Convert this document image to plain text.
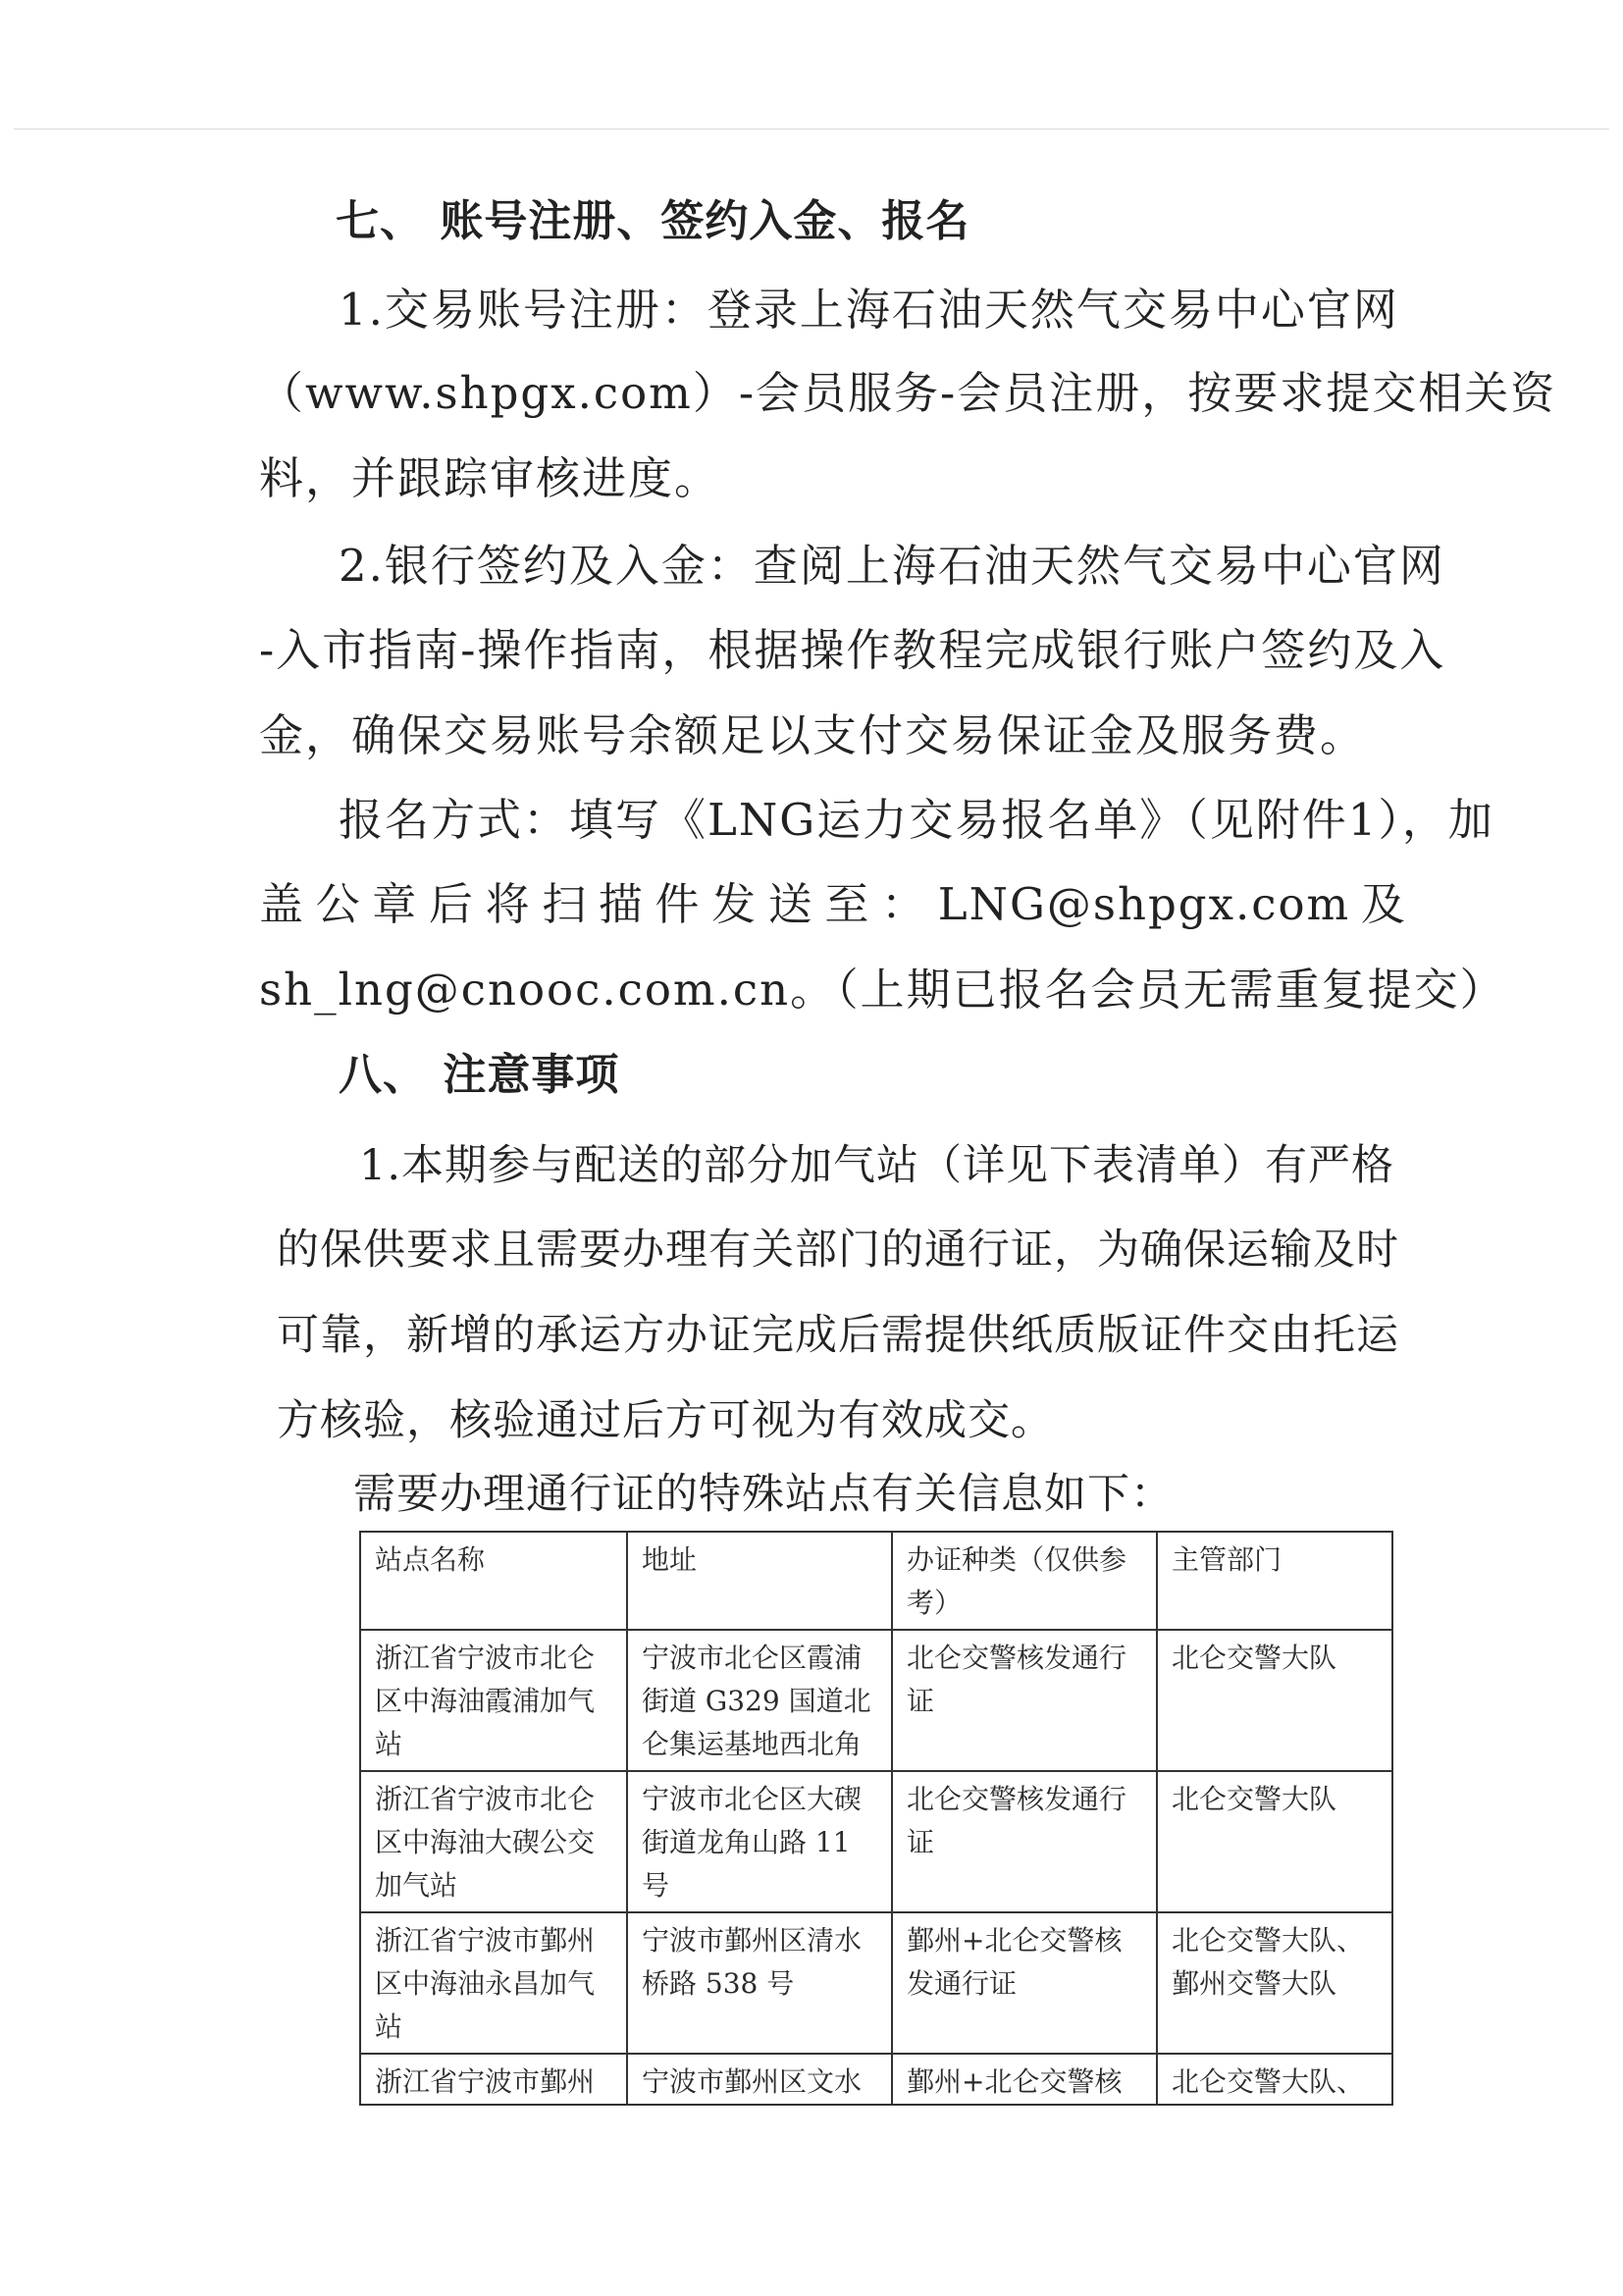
七、 账号注册、签约入金、报名
1.交易账号注册：登录上海石油天然气交易中心官网
（www.shpgx.com）-会员服务-会员注册，按要求提交相关资
料，并跟踪审核进度。
2.银行签约及入金：查阅上海石油天然气交易中心官网
-入市指南-操作指南，根据操作教程完成银行账户签约及入
金，确保交易账号余额足以支付交易保证金及服务费。
报名方式：填写《LNG运力交易报名单》（见附件1），加
盖 公 章 后 将 扫 描 件 发 送 至 ： LNG@shpgx.com 及
sh_lng@cnooc.com.cn。（上期已报名会员无需重复提交）
八、 注意事项
1.本期参与配送的部分加气站（详见下表清单）有严格
的保供要求且需要办理有关部门的通行证，为确保运输及时
可靠，新增的承运方办证完成后需提供纸质版证件交由托运
方核验，核验通过后方可视为有效成交。
需要办理通行证的特殊站点有关信息如下：
站点名称	地址	办证种类（仅供参考）	主管部门
浙江省宁波市北仑区中海油霞浦加气站	宁波市北仑区霞浦街道 G329 国道北仑集运基地西北角	北仑交警核发通行证	北仑交警大队
浙江省宁波市北仑区中海油大碶公交加气站	宁波市北仑区大碶街道龙角山路 11 号	北仑交警核发通行证	北仑交警大队
浙江省宁波市鄞州区中海油永昌加气站	宁波市鄞州区清水桥路 538 号	鄞州+北仑交警核发通行证	北仑交警大队、鄞州交警大队

浙江省宁波市鄞州	宁波市鄞州区文水	鄞州+北仑交警核	北仑交警大队、
